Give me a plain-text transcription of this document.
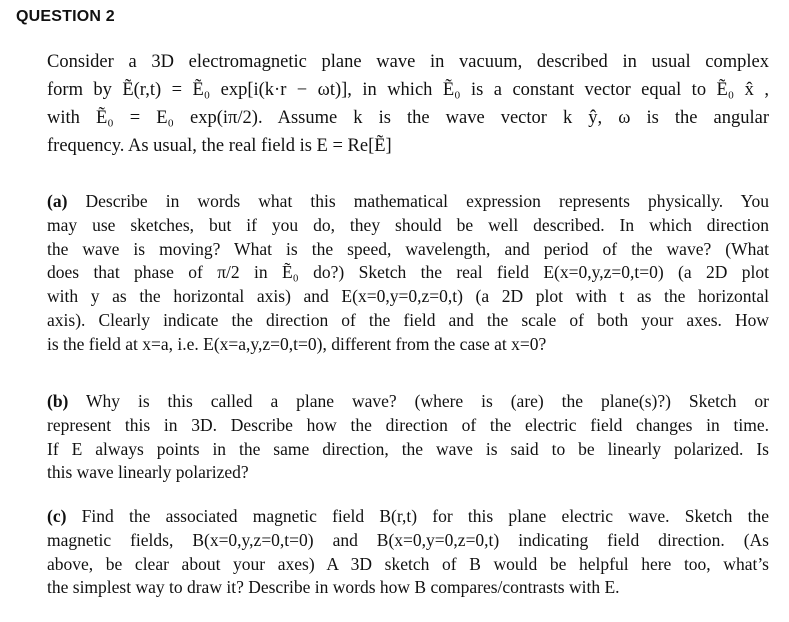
QUESTION 2
Consider a 3D electromagnetic plane wave in vacuum, described in usual complex
form by Ẽ(r,t) = Ẽ₀ exp[i(k·r − ωt)], in which Ẽ₀ is a constant vector equal to Ẽ₀ x̂ ,
with Ẽ₀ = E₀ exp(iπ/2). Assume k is the wave vector k ŷ, ω is the angular
frequency. As usual, the real field is E = Re[Ẽ]
(a) Describe in words what this mathematical expression represents physically. You
may use sketches, but if you do, they should be well described. In which direction
the wave is moving? What is the speed, wavelength, and period of the wave? (What
does that phase of π/2 in Ẽ₀ do?) Sketch the real field E(x=0,y,z=0,t=0) (a 2D plot
with y as the horizontal axis) and E(x=0,y=0,z=0,t) (a 2D plot with t as the horizontal
axis). Clearly indicate the direction of the field and the scale of both your axes. How
is the field at x=a, i.e. E(x=a,y,z=0,t=0), different from the case at x=0?
(b) Why is this called a plane wave? (where is (are) the plane(s)?) Sketch or
represent this in 3D. Describe how the direction of the electric field changes in time.
If E always points in the same direction, the wave is said to be linearly polarized. Is
this wave linearly polarized?
(c) Find the associated magnetic field B(r,t) for this plane electric wave. Sketch the
magnetic fields, B(x=0,y,z=0,t=0) and B(x=0,y=0,z=0,t) indicating field direction. (As
above, be clear about your axes) A 3D sketch of B would be helpful here too, what’s
the simplest way to draw it? Describe in words how B compares/contrasts with E.
